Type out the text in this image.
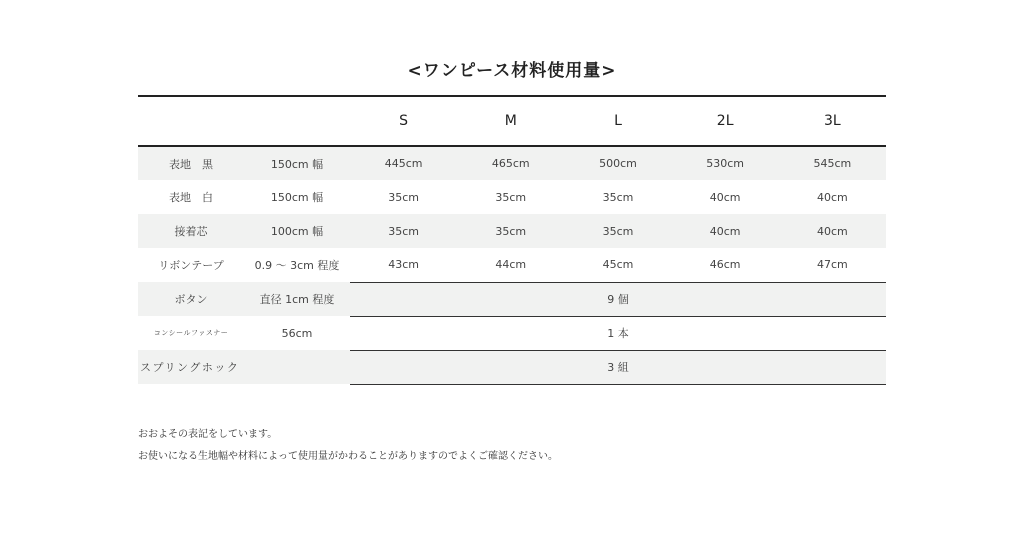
<ワンピース材料使用量>
		S	M	L	2L	3L
表地　黒	150cm 幅	445cm	465cm	500cm	530cm	545cm
表地　白	150cm 幅	35cm	35cm	35cm	40cm	40cm
接着芯	100cm 幅	35cm	35cm	35cm	40cm	40cm
リボンテープ	0.9 〜 3cm 程度	43cm	44cm	45cm	46cm	47cm
ボタン	直径 1cm 程度	9 個				
コンシールファスナー	56cm	1 本				
スプリングホック		3 組				
おおよその表記をしています。
お使いになる生地幅や材料によって使用量がかわることがありますのでよくご確認ください。
